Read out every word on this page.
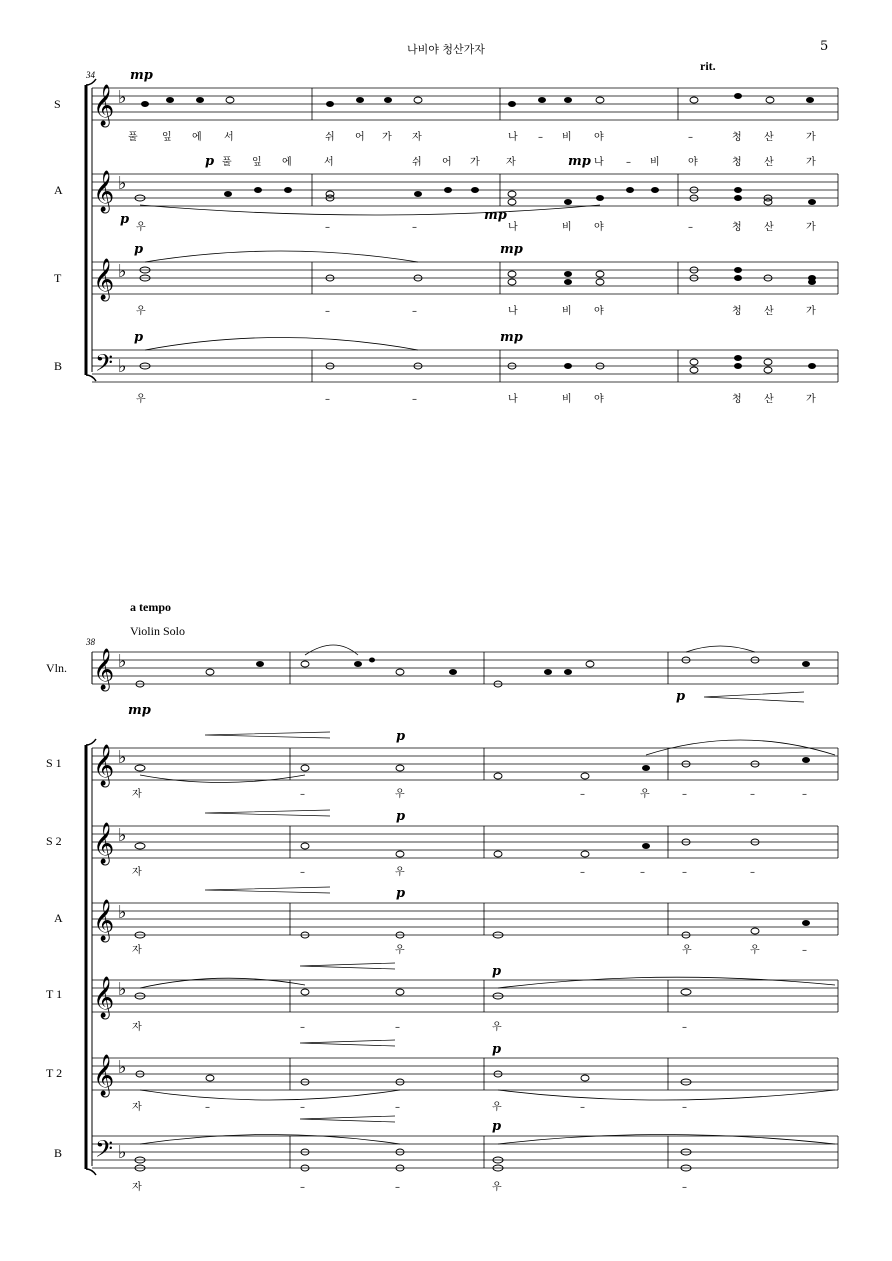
나비야 청산가자	5
34
rit.
S 𝄞 ♭
mp
풀 잎 에 서	쉬 어 가 자	나 – 비 야	–	청 산	가
A 𝄞 ♭
p
p
mp
mp
풀 잎 에	서	쉬 어 가	자	나 – 비	야	청 산	가
우	–	–	나	비 야	–	청 산	가
T 𝄞 ♭
p	mp
우	–	–	나	비 야	청 산	가
B 𝄢 ♭
p	mp
우	–	–	나	비 야	청 산	가
a tempo
Violin Solo
38
Vln. 𝄞 ♭
mp
p
S 1 𝄞 ♭
p
자	–	우	–	우	–	–	–
S 2 𝄞 ♭
p
자	–	우	–	–	–	–
A 𝄞 ♭
p
자	우	우	우	–
T 1 𝄞 ♭
p
자	–	–	우	–
T 2 𝄞 ♭
p
자	–	–	–	우	–	–
B 𝄢 ♭
p
자	–	–	우	–
